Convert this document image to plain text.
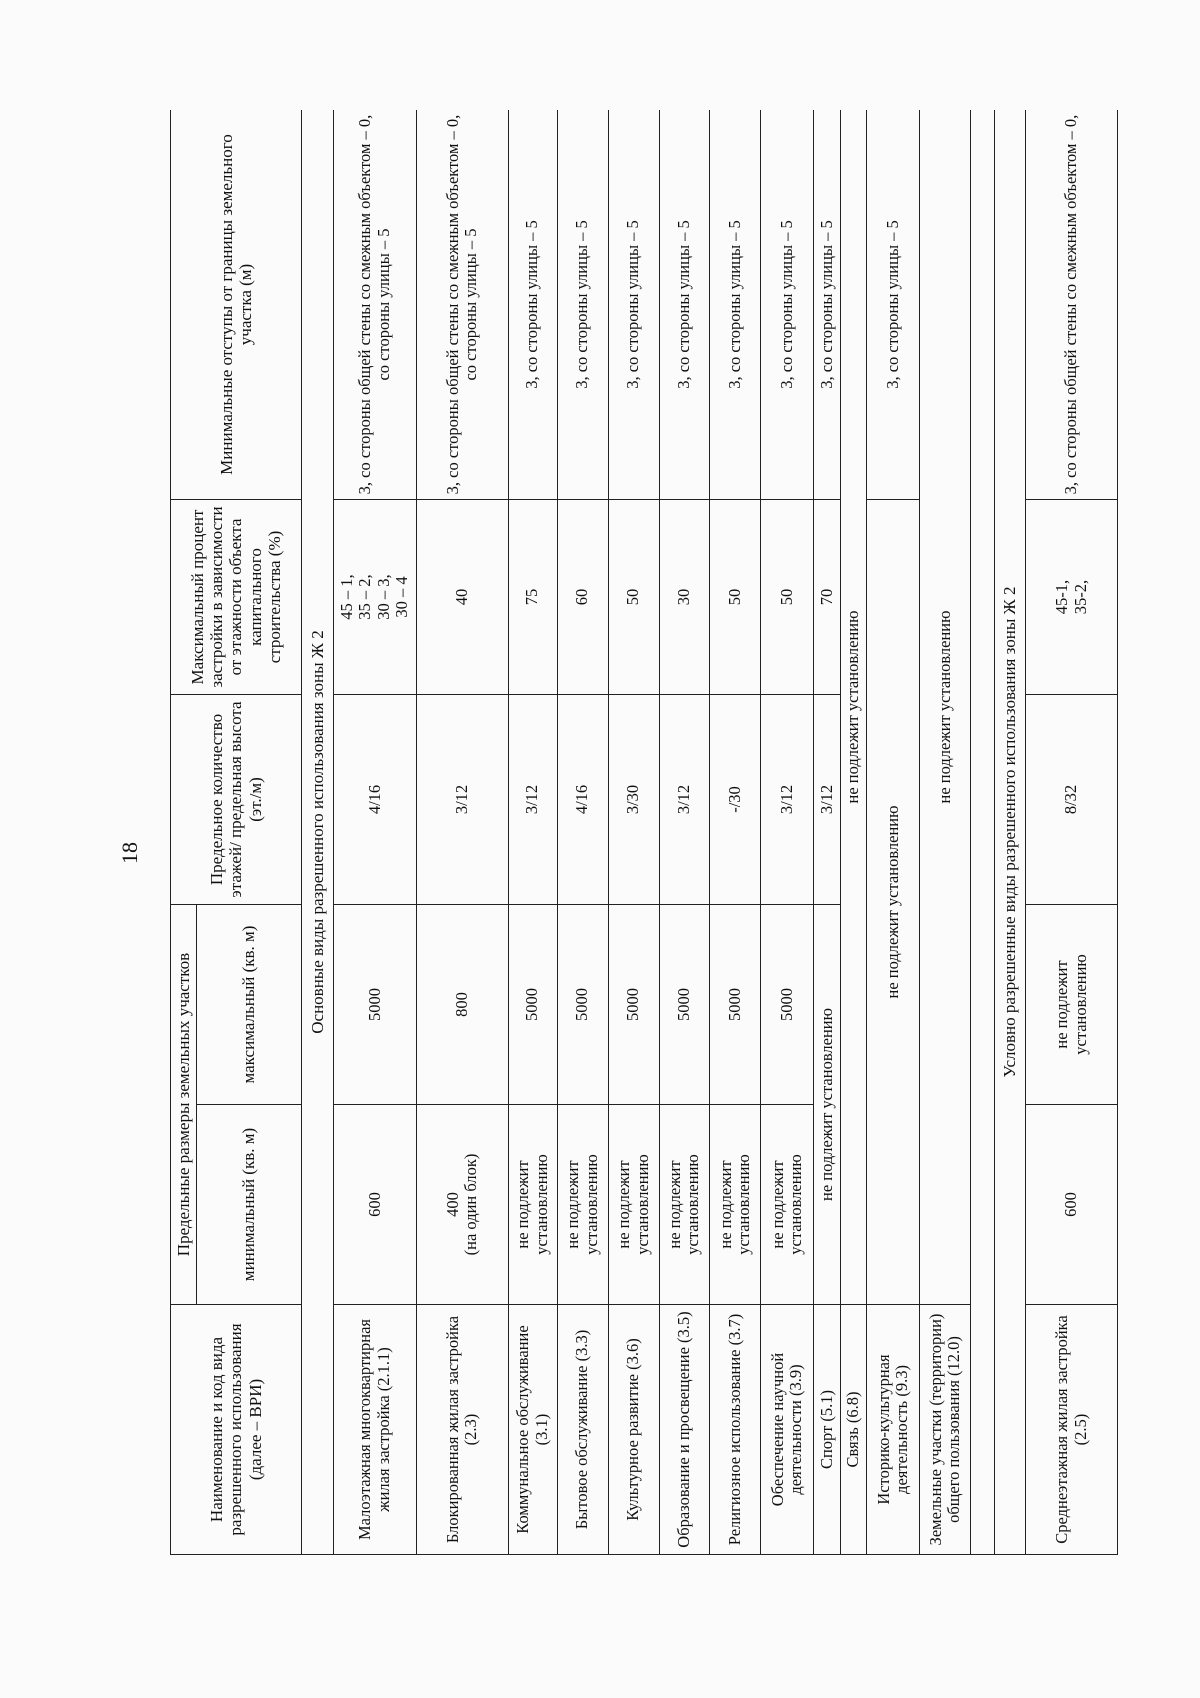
18
Наименование и код вида разрешенного использования (далее – ВРИ)	Предельные размеры земельных участков		Предельное количество этажей/ предельная высота (эт./м)	Максимальный процент застройки в зависимости от этажности объекта капитального строительства (%)	Минимальные отступы от границы земельного участка (м)
	минимальный (кв. м)	максимальный (кв. м)			
Основные виды разрешенного использования зоны Ж 2					
Малоэтажная многоквартирная жилая застройка (2.1.1)	600	5000	4/16	45 – 1,
35 – 2,
30 – 3,
30 – 4	3, со стороны общей стены со смежным объектом – 0, со стороны улицы – 5
Блокированная жилая застройка (2.3)	400
(на один блок)	800	3/12	40	3, со стороны общей стены со смежным объектом – 0, со стороны улицы – 5
Коммунальное обслуживание (3.1)	не подлежит установлению	5000	3/12	75	3, со стороны улицы – 5
Бытовое обслуживание (3.3)	не подлежит установлению	5000	4/16	60	3, со стороны улицы – 5
Культурное развитие (3.6)	не подлежит установлению	5000	3/30	50	3, со стороны улицы – 5
Образование и просвещение (3.5)	не подлежит установлению	5000	3/12	30	3, со стороны улицы – 5
Религиозное использование (3.7)	не подлежит установлению	5000	-/30	50	3, со стороны улицы – 5
Обеспечение научной деятельности (3.9)	не подлежит установлению	5000	3/12	50	3, со стороны улицы – 5
Спорт (5.1)	не подлежит установлению		3/12	70	3, со стороны улицы – 5
Связь (6.8)	не подлежит установлению				
Историко-культурная деятельность (9.3)	не подлежит установлению				3, со стороны улицы – 5
Земельные участки (территории) общего пользования (12.0)	не подлежит установлению				

Условно разрешенные виды разрешенного использования зоны Ж 2					
Среднеэтажная жилая застройка (2.5)	600	не подлежит установлению	8/32	45-1,
35-2,	3, со стороны общей стены со смежным объектом – 0,
